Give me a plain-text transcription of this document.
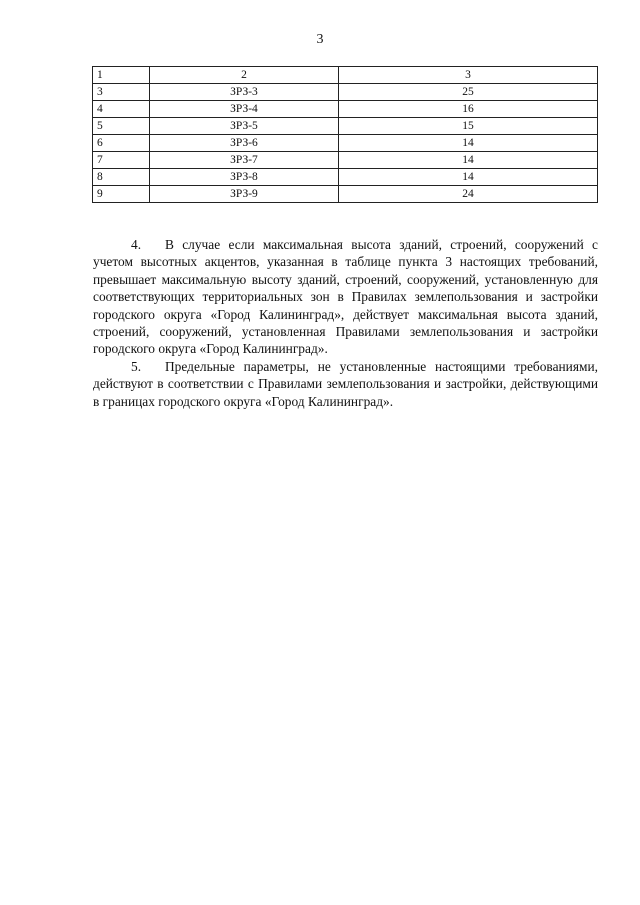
3
1	2	3
3	ЗРЗ-3	25
4	ЗРЗ-4	16
5	ЗРЗ-5	15
6	ЗРЗ-6	14
7	ЗРЗ-7	14
8	ЗРЗ-8	14
9	ЗРЗ-9	24

4. В случае если максимальная высота зданий, строений, сооружений с учетом высотных акцентов, указанная в таблице пункта 3 настоящих требований, превышает максимальную высоту зданий, строений, сооружений, установленную для соответствующих территориальных зон в Правилах землепользования и застройки городского округа «Город Калининград», действует максимальная высота зданий, строений, сооружений, установленная Правилами землепользования и застройки городского округа «Город Калининград».

5. Предельные параметры, не установленные настоящими требованиями, действуют в соответствии с Правилами землепользования и застройки, действующими в границах городского округа «Город Калининград».
